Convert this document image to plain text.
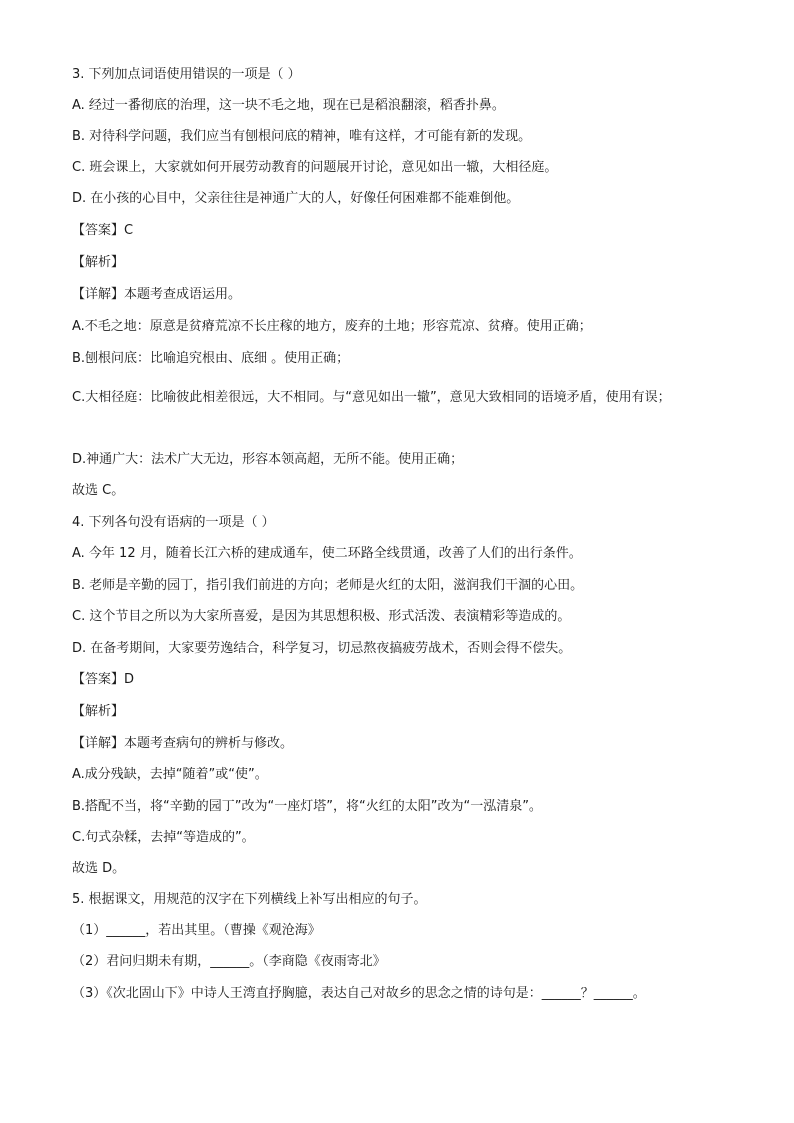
3. 下列加点词语使用错误的一项是（ ）
A. 经过一番彻底的治理，这一块不毛之地，现在已是稻浪翻滚，稻香扑鼻。
B. 对待科学问题，我们应当有刨根问底的精神，唯有这样，才可能有新的发现。
C. 班会课上，大家就如何开展劳动教育的问题展开讨论，意见如出一辙，大相径庭。
D. 在小孩的心目中，父亲往往是神通广大的人，好像任何困难都不能难倒他。
【答案】C
【解析】
【详解】本题考查成语运用。
A.不毛之地：原意是贫瘠荒凉不长庄稼的地方，废弃的土地；形容荒凉、贫瘠。使用正确；
B.刨根问底：比喻追究根由、底细 。使用正确；
C.大相径庭：比喻彼此相差很远，大不相同。与“意见如出一辙”，意见大致相同的语境矛盾，使用有误；
D.神通广大：法术广大无边，形容本领高超，无所不能。使用正确；
故选 C。
4. 下列各句没有语病的一项是（ ）
A. 今年 12 月，随着长江六桥的建成通车，使二环路全线贯通，改善了人们的出行条件。
B. 老师是辛勤的园丁，指引我们前进的方向；老师是火红的太阳，滋润我们干涸的心田。
C. 这个节目之所以为大家所喜爱，是因为其思想积极、形式活泼、表演精彩等造成的。
D. 在备考期间，大家要劳逸结合，科学复习，切忌熬夜搞疲劳战术，否则会得不偿失。
【答案】D
【解析】
【详解】本题考查病句的辨析与修改。
A.成分残缺，去掉“随着”或“使”。
B.搭配不当，将“辛勤的园丁”改为“一座灯塔”，将“火红的太阳”改为“一泓清泉”。
C.句式杂糅，去掉“等造成的”。
故选 D。
5. 根据课文，用规范的汉字在下列横线上补写出相应的句子。
（1）______，若出其里。（曹操《观沧海》
（2）君问归期未有期，______。（李商隐《夜雨寄北》
（3）《次北固山下》中诗人王湾直抒胸臆，表达自己对故乡的思念之情的诗句是：______？______。
